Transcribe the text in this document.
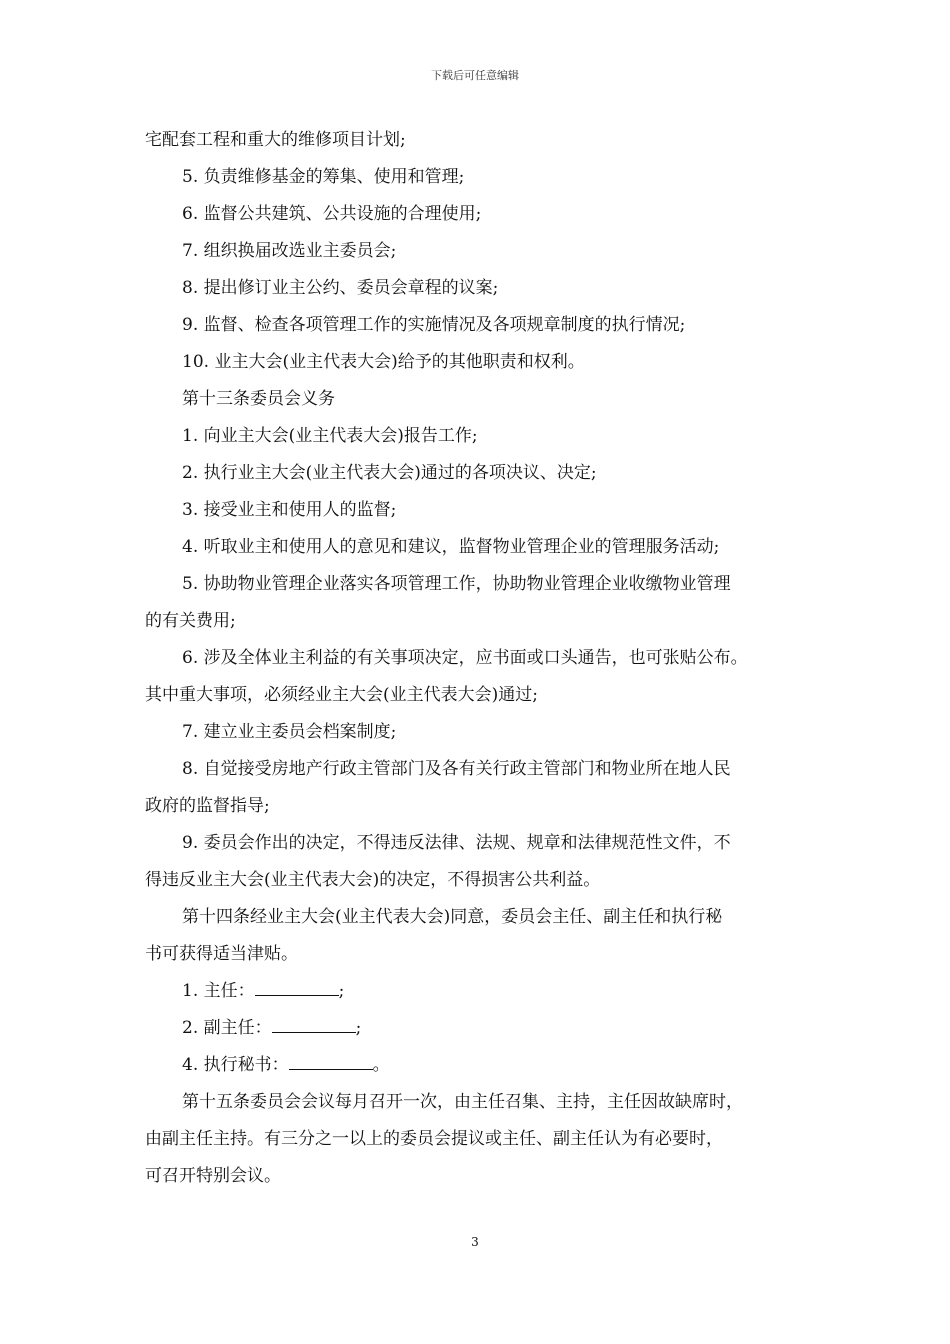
下载后可任意编辑
宅配套工程和重大的维修项目计划;
5. 负责维修基金的筹集、使用和管理;
6. 监督公共建筑、公共设施的合理使用;
7. 组织换届改选业主委员会;
8. 提出修订业主公约、委员会章程的议案;
9. 监督、检查各项管理工作的实施情况及各项规章制度的执行情况;
10. 业主大会(业主代表大会)给予的其他职责和权利。
第十三条委员会义务
1. 向业主大会(业主代表大会)报告工作;
2. 执行业主大会(业主代表大会)通过的各项决议、决定;
3. 接受业主和使用人的监督;
4. 听取业主和使用人的意见和建议，监督物业管理企业的管理服务活动;
5. 协助物业管理企业落实各项管理工作，协助物业管理企业收缴物业管理
的有关费用;
6. 涉及全体业主利益的有关事项决定，应书面或口头通告，也可张贴公布。
其中重大事项，必须经业主大会(业主代表大会)通过;
7. 建立业主委员会档案制度;
8. 自觉接受房地产行政主管部门及各有关行政主管部门和物业所在地人民
政府的监督指导;
9. 委员会作出的决定，不得违反法律、法规、规章和法律规范性文件，不
得违反业主大会(业主代表大会)的决定，不得损害公共利益。
第十四条经业主大会(业主代表大会)同意，委员会主任、副主任和执行秘
书可获得适当津贴。
1. 主任：	;
2. 副主任：	;
4. 执行秘书：	。
第十五条委员会会议每月召开一次，由主任召集、主持，主任因故缺席时，
由副主任主持。有三分之一以上的委员会提议或主任、副主任认为有必要时，
可召开特别会议。
3
